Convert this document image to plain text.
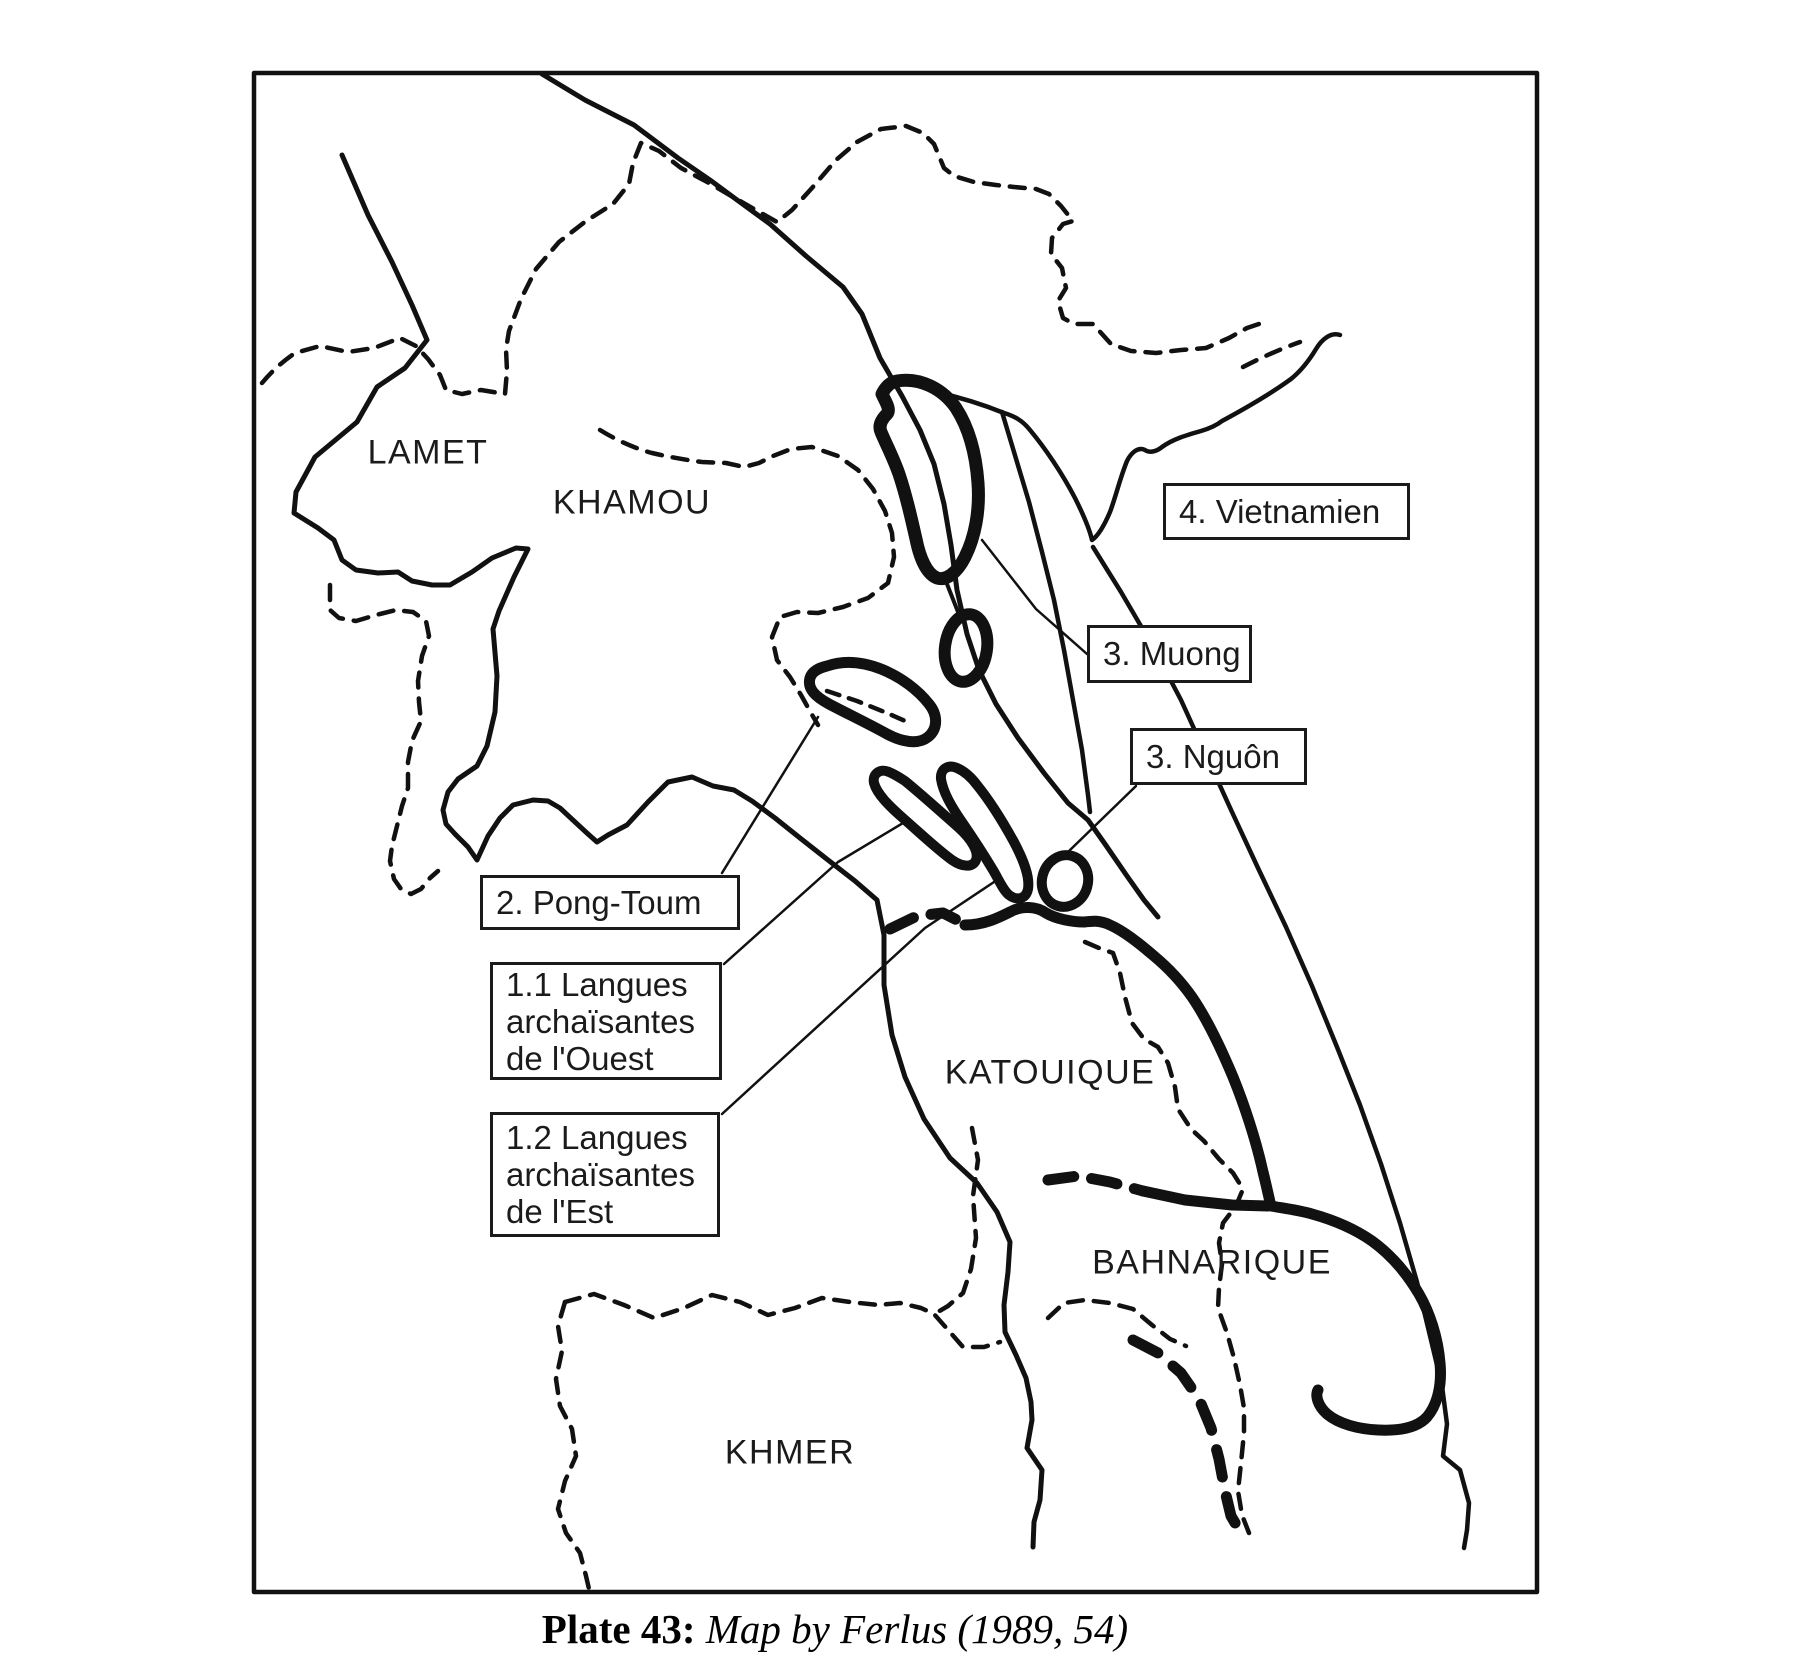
LAMET
KHAMOU
KATOUIQUE
BAHNARIQUE
KHMER
4. Vietnamien
3. Muong
3. Nguôn
2. Pong-Toum
1.1 Langues
archaïsantes
de l'Ouest
1.2 Langues
archaïsantes
de l'Est
Plate 43: Map by Ferlus (1989, 54)
